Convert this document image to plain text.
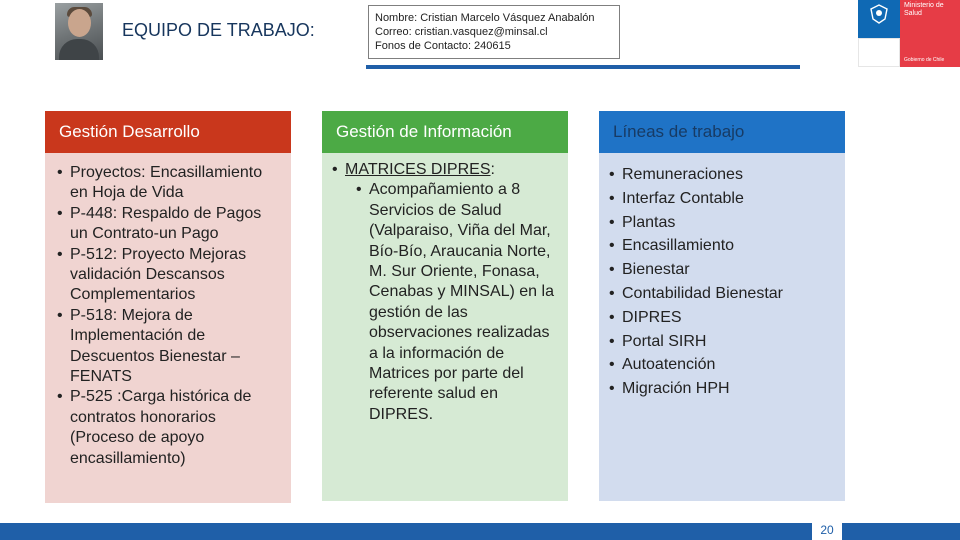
EQUIPO DE TRABAJO:
Nombre: Cristian Marcelo Vásquez Anabalón
Correo: cristian.vasquez@minsal.cl
Fonos de Contacto: 240615
Ministerio de
Salud
Gobierno de Chile
Gestión Desarrollo
• Proyectos: Encasillamiento en Hoja de Vida
• P-448: Respaldo de Pagos un Contrato-un Pago
• P-512: Proyecto Mejoras validación Descansos Complementarios
• P-518: Mejora de Implementación de Descuentos Bienestar – FENATS
• P-525 :Carga histórica de contratos honorarios (Proceso de apoyo encasillamiento)
Gestión de Información
• MATRICES DIPRES:
• Acompañamiento a 8 Servicios de Salud (Valparaiso, Viña del Mar, Bío-Bío, Araucania Norte, M. Sur Oriente, Fonasa, Cenabas y MINSAL) en la gestión de las observaciones realizadas a la información de Matrices por parte del referente salud en DIPRES.
Líneas de trabajo
• Remuneraciones
• Interfaz Contable
• Plantas
• Encasillamiento
• Bienestar
• Contabilidad Bienestar
• DIPRES
• Portal SIRH
• Autoatención
• Migración HPH
20
